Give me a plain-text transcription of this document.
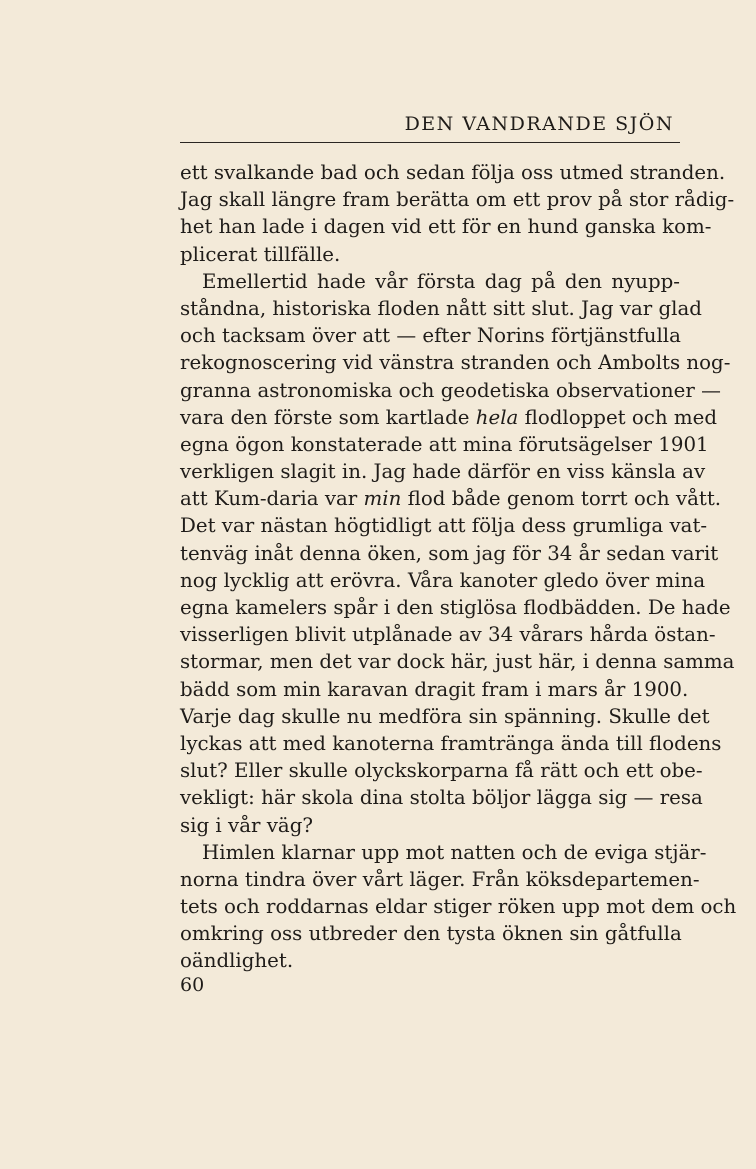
DEN VANDRANDE SJÖN
ett svalkande bad och sedan följa oss utmed stranden.
Jag skall längre fram berätta om ett prov på stor rådig-
het han lade i dagen vid ett för en hund ganska kom-
plicerat tillfälle.
Emellertid hade vår första dag på den nyupp-
ståndna, historiska floden nått sitt slut. Jag var glad
och tacksam över att — efter Norins förtjänstfulla
rekognoscering vid vänstra stranden och Ambolts nog-
granna astronomiska och geodetiska observationer —
vara den förste som kartlade hela flodloppet och med
egna ögon konstaterade att mina förutsägelser 1901
verkligen slagit in. Jag hade därför en viss känsla av
att Kum-daria var min flod både genom torrt och vått.
Det var nästan högtidligt att följa dess grumliga vat-
tenväg inåt denna öken, som jag för 34 år sedan varit
nog lycklig att erövra. Våra kanoter gledo över mina
egna kamelers spår i den stiglösa flodbädden. De hade
visserligen blivit utplånade av 34 vårars hårda östan-
stormar, men det var dock här, just här, i denna samma
bädd som min karavan dragit fram i mars år 1900.
Varje dag skulle nu medföra sin spänning. Skulle det
lyckas att med kanoterna framtränga ända till flodens
slut? Eller skulle olyckskorparna få rätt och ett obe-
vekligt: här skola dina stolta böljor lägga sig — resa
sig i vår väg?
Himlen klarnar upp mot natten och de eviga stjär-
norna tindra över vårt läger. Från köksdepartemen-
tets och roddarnas eldar stiger röken upp mot dem och
omkring oss utbreder den tysta öknen sin gåtfulla
oändlighet.
60
